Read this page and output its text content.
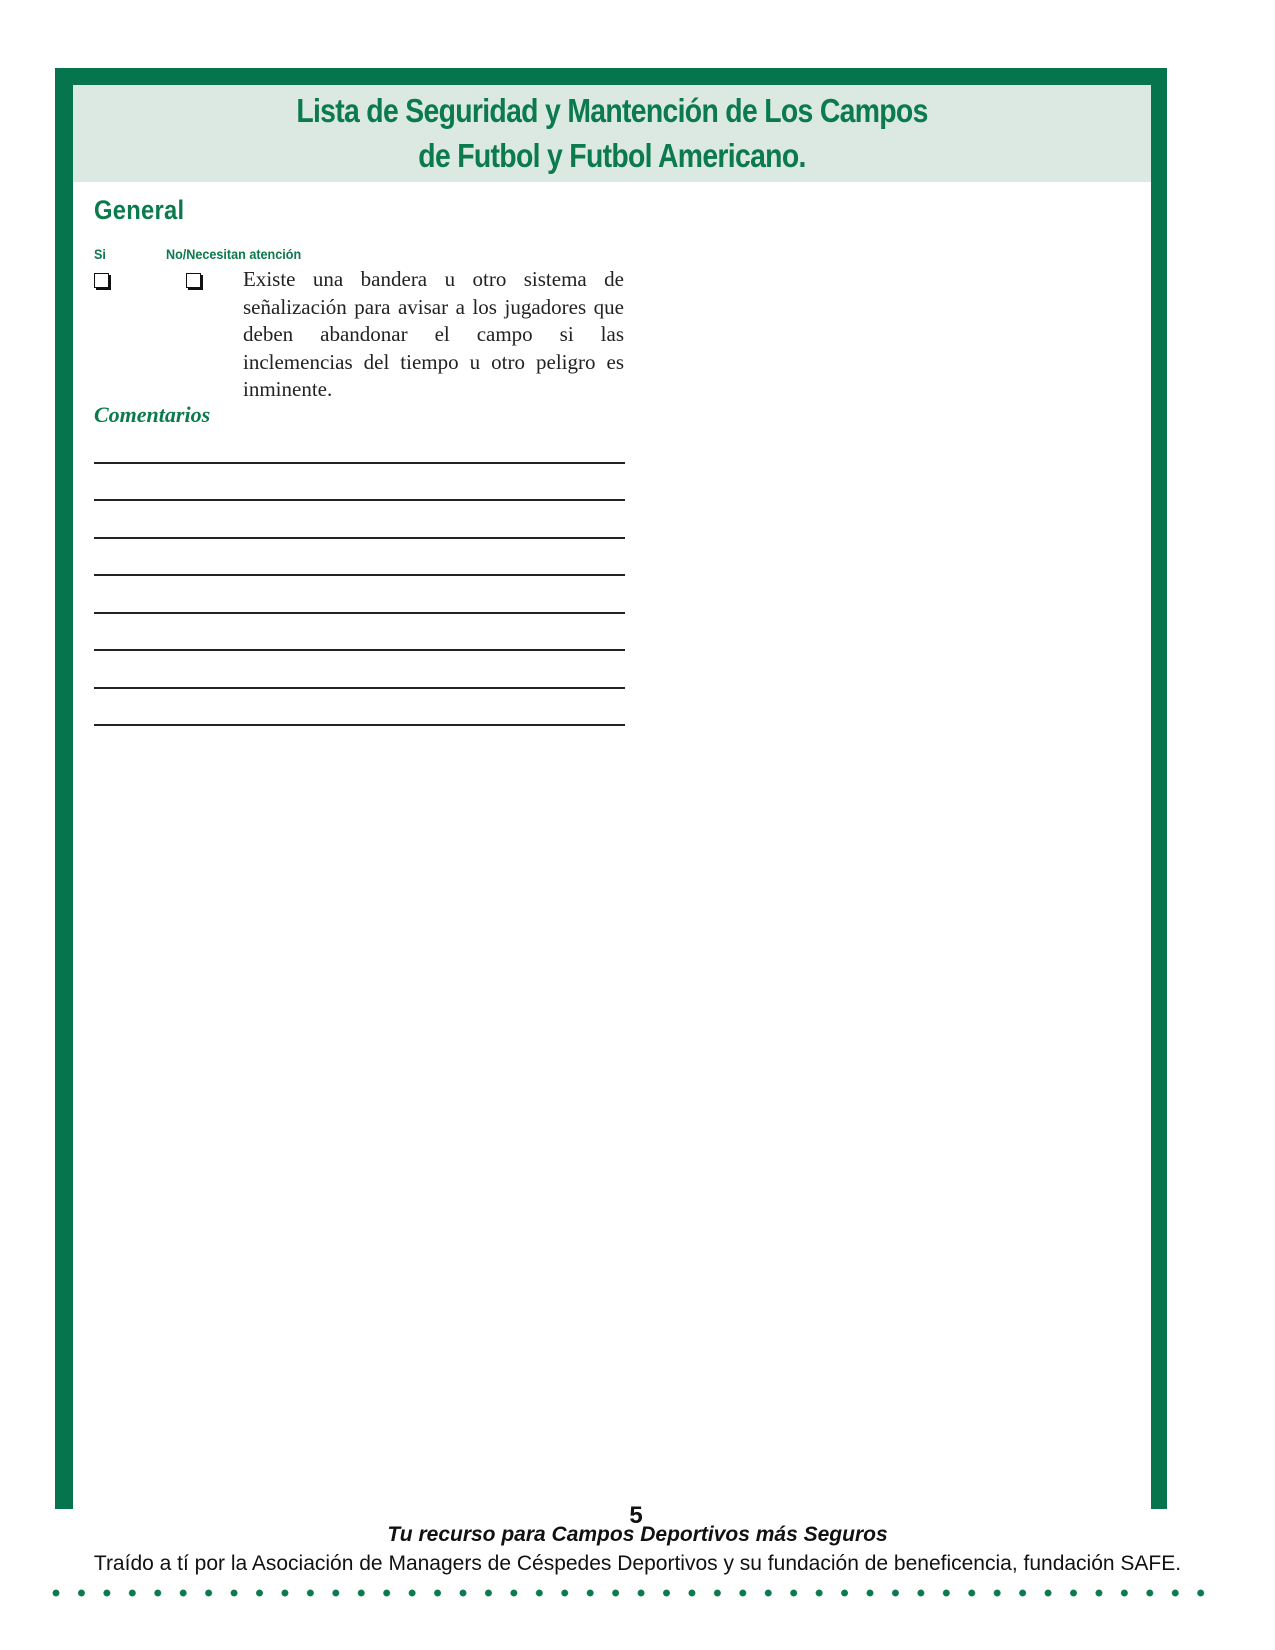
Lista de Seguridad y Mantención de Los Campos
de Futbol y Futbol Americano.
General
Si	No/Necesitan atención

Existe una bandera u otro sistema de señalización para avisar a los jugadores que deben abandonar el campo si las inclemencias del tiempo u otro peligro es inminente.

Comentarios
5
Tu recurso para Campos Deportivos más Seguros
Traído a tí por la Asociación de Managers de Céspedes Deportivos y su fundación de beneficencia, fundación SAFE.
